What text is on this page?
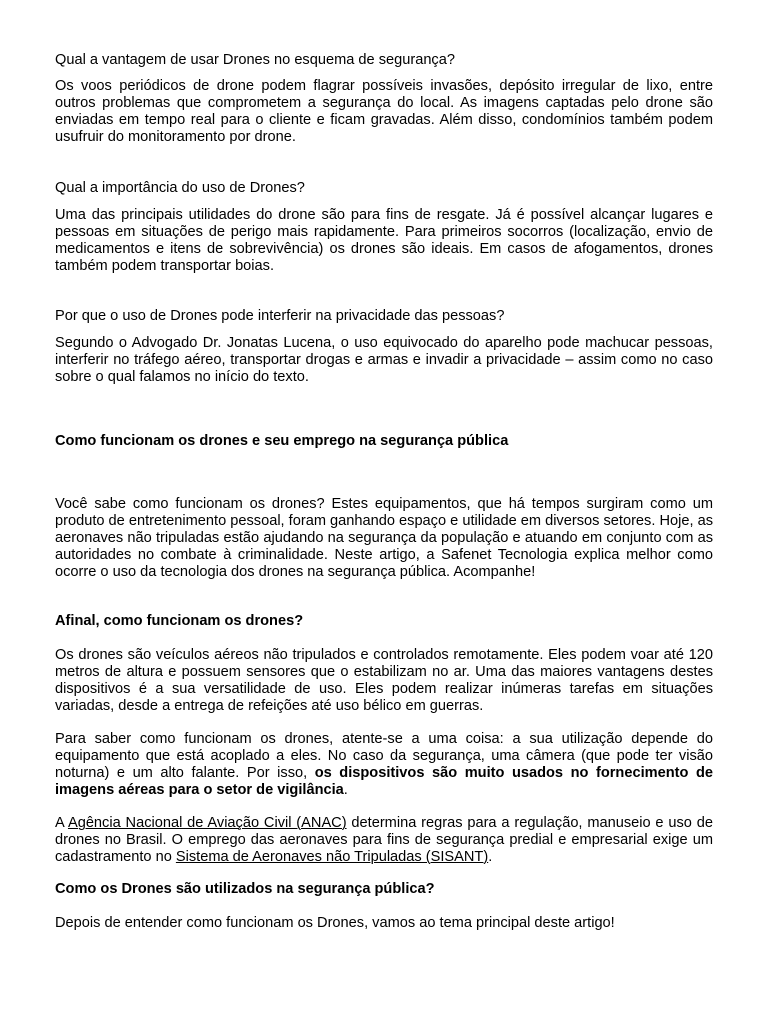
Qual a vantagem de usar Drones no esquema de segurança?

Os voos periódicos de drone podem flagrar possíveis invasões, depósito irregular de lixo, entre outros problemas que comprometem a segurança do local. As imagens captadas pelo drone são enviadas em tempo real para o cliente e ficam gravadas. Além disso, condomínios também podem usufruir do monitoramento por drone.

Qual a importância do uso de Drones?

Uma das principais utilidades do drone são para fins de resgate. Já é possível alcançar lugares e pessoas em situações de perigo mais rapidamente. Para primeiros socorros (localização, envio de medicamentos e itens de sobrevivência) os drones são ideais. Em casos de afogamentos, drones também podem transportar boias.

Por que o uso de Drones pode interferir na privacidade das pessoas?

Segundo o Advogado Dr. Jonatas Lucena, o uso equivocado do aparelho pode machucar pessoas, interferir no tráfego aéreo, transportar drogas e armas e invadir a privacidade – assim como no caso sobre o qual falamos no início do texto.

Como funcionam os drones e seu emprego na segurança pública

Você sabe como funcionam os drones? Estes equipamentos, que há tempos surgiram como um produto de entretenimento pessoal, foram ganhando espaço e utilidade em diversos setores. Hoje, as aeronaves não tripuladas estão ajudando na segurança da população e atuando em conjunto com as autoridades no combate à criminalidade. Neste artigo, a Safenet Tecnologia explica melhor como ocorre o uso da tecnologia dos drones na segurança pública. Acompanhe!

Afinal, como funcionam os drones?

Os drones são veículos aéreos não tripulados e controlados remotamente. Eles podem voar até 120 metros de altura e possuem sensores que o estabilizam no ar. Uma das maiores vantagens destes dispositivos é a sua versatilidade de uso. Eles podem realizar inúmeras tarefas em situações variadas, desde a entrega de refeições até uso bélico em guerras.

Para saber como funcionam os drones, atente-se a uma coisa: a sua utilização depende do equipamento que está acoplado a eles. No caso da segurança, uma câmera (que pode ter visão noturna) e um alto falante. Por isso, os dispositivos são muito usados no fornecimento de imagens aéreas para o setor de vigilância.

A Agência Nacional de Aviação Civil (ANAC) determina regras para a regulação, manuseio e uso de drones no Brasil. O emprego das aeronaves para fins de segurança predial e empresarial exige um cadastramento no Sistema de Aeronaves não Tripuladas (SISANT).

Como os Drones são utilizados na segurança pública?

Depois de entender como funcionam os Drones, vamos ao tema principal deste artigo!
